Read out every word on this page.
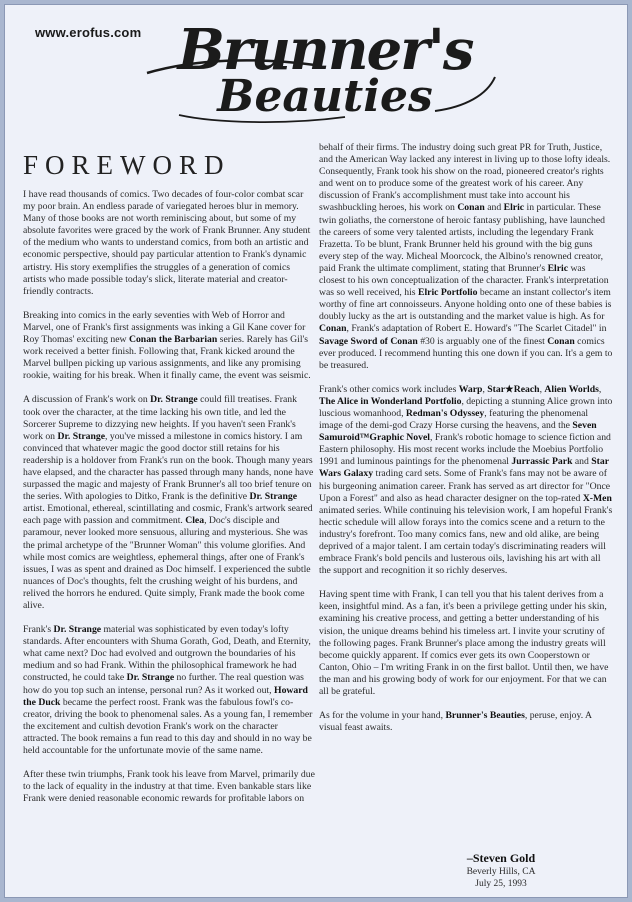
www.erofus.com Brunner's
Beauties
FOREWORD

I have read thousands of comics. Two decades of four-color combat scar my poor brain. An endless parade of variegated heroes blur in memory. Many of those books are not worth reminiscing about, but some of my absolute favorites were graced by the work of Frank Brunner. Any student of the medium who wants to understand comics, from both an artistic and economic perspective, should pay particular attention to Frank's dynamic artistry. His story exemplifies the struggles of a generation of comics artists who made possible today's slick, literate material and creator-friendly contracts.

Breaking into comics in the early seventies with Web of Horror and Marvel, one of Frank's first assignments was inking a Gil Kane cover for Roy Thomas' exciting new Conan the Barbarian series. Rarely has Gil's work received a better finish. Following that, Frank kicked around the Marvel bullpen picking up various assignments, and like any promising rookie, waiting for his break. When it finally came, the event was seismic.

A discussion of Frank's work on Dr. Strange could fill treatises. Frank took over the character, at the time lacking his own title, and led the Sorcerer Supreme to dizzying new heights. If you haven't seen Frank's work on Dr. Strange, you've missed a milestone in comics history. I am convinced that whatever magic the good doctor still retains for his readership is a holdover from Frank's run on the book. Though many years have elapsed, and the character has passed through many hands, none have surpassed the magic and majesty of Frank Brunner's all too brief tenure on the series. With apologies to Ditko, Frank is the definitive Dr. Strange artist. Emotional, ethereal, scintillating and cosmic, Frank's artwork seared each page with passion and commitment. Clea, Doc's disciple and paramour, never looked more sensuous, alluring and mysterious. She was the primal archetype of the "Brunner Woman" this volume glorifies. And while most comics are weightless, ephemeral things, after one of Frank's issues, I was as spent and drained as Doc himself. I experienced the subtle nuances of Doc's thoughts, felt the crushing weight of his burdens, and relived the horrors he endured. Quite simply, Frank made the book come alive.

Frank's Dr. Strange material was sophisticated by even today's lofty standards. After encounters with Shuma Gorath, God, Death, and Eternity, what came next? Doc had evolved and outgrown the boundaries of his medium and so had Frank. Within the philosophical framework he had constructed, he could take Dr. Strange no further. The real question was how do you top such an intense, personal run? As it worked out, Howard the Duck became the perfect roost. Frank was the fabulous fowl's co-creator, driving the book to phenomenal sales. As a young fan, I remember the excitement and cultish devotion Frank's work on the character attracted. The book remains a fun read to this day and should in no way be held accountable for the unfortunate movie of the same name.

After these twin triumphs, Frank took his leave from Marvel, primarily due to the lack of equality in the industry at that time. Even bankable stars like Frank were denied reasonable economic rewards for profitable labors on

behalf of their firms. The industry doing such great PR for Truth, Justice, and the American Way lacked any interest in living up to those lofty ideals. Consequently, Frank took his show on the road, pioneered creator's rights and went on to produce some of the greatest work of his career. Any discussion of Frank's accomplishment must take into account his swashbuckling heroes, his work on Conan and Elric in particular. These twin goliaths, the cornerstone of heroic fantasy publishing, have launched the careers of some very talented artists, including the legendary Frank Frazetta. To be blunt, Frank Brunner held his ground with the big guns every step of the way. Micheal Moorcock, the Albino's renowned creator, paid Frank the ultimate compliment, stating that Brunner's Elric was closest to his own conceptualization of the character. Frank's interpretation was so well received, his Elric Portfolio became an instant collector's item worthy of fine art connoisseurs. Anyone holding onto one of these babies is doubly lucky as the art is outstanding and the market value is high. As for Conan, Frank's adaptation of Robert E. Howard's "The Scarlet Citadel" in Savage Sword of Conan #30 is arguably one of the finest Conan comics ever produced. I recommend hunting this one down if you can. It's a gem to be treasured.

Frank's other comics work includes Warp, Star★Reach, Alien Worlds, The Alice in Wonderland Portfolio, depicting a stunning Alice grown into luscious womanhood, Redman's Odyssey, featuring the phenomenal image of the demi-god Crazy Horse cursing the heavens, and the Seven Samuroid™Graphic Novel, Frank's robotic homage to science fiction and Eastern philosophy. His most recent works include the Moebius Portfolio 1991 and luminous paintings for the phenomenal Jurrassic Park and Star Wars Galaxy trading card sets. Some of Frank's fans may not be aware of his burgeoning animation career. Frank has served as art director for "Once Upon a Forest" and also as head character designer on the top-rated X-Men animated series. While continuing his television work, I am hopeful Frank's hectic schedule will allow forays into the comics scene and a return to the industry's forefront. Too many comics fans, new and old alike, are being deprived of a major talent. I am certain today's discriminating readers will embrace Frank's bold pencils and lusterous oils, lavishing his art with all the support and recognition it so richly deserves.

Having spent time with Frank, I can tell you that his talent derives from a keen, insightful mind. As a fan, it's been a privilege getting under his skin, examining his creative process, and getting a better understanding of his vision, the unique dreams behind his timeless art. I invite your scrutiny of the following pages. Frank Brunner's place among the industry greats will become quickly apparent. If comics ever gets its own Cooperstown or Canton, Ohio – I'm writing Frank in on the first ballot. Until then, we have the man and his growing body of work for our enjoyment. For that we can all be grateful.

As for the volume in your hand, Brunner's Beauties, peruse, enjoy. A visual feast awaits.

–Steven Gold
Beverly Hills, CA
July 25, 1993
